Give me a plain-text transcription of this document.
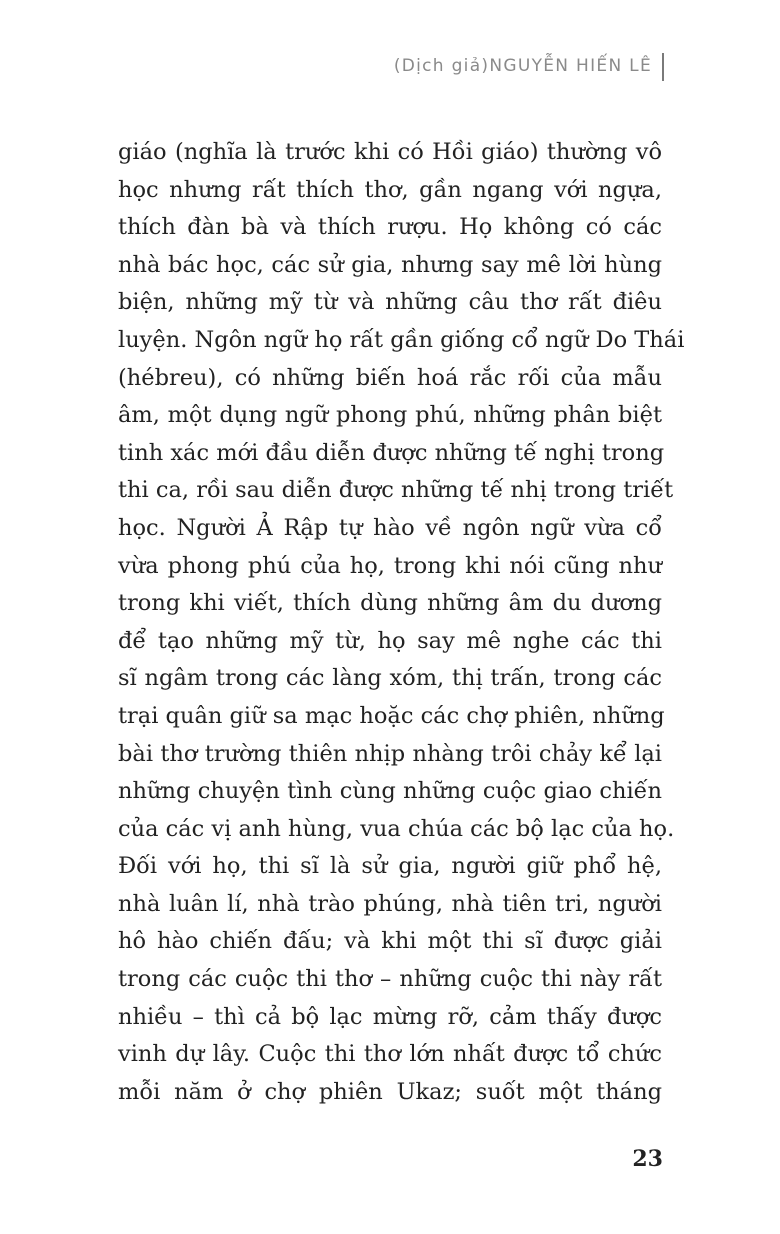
(Dịch giả)NGUYỄN HIẾN LÊ
giáo (nghĩa là trước khi có Hồi giáo) thường vô
học nhưng rất thích thơ, gần ngang với ngựa,
thích đàn bà và thích rượu. Họ không có các
nhà bác học, các sử gia, nhưng say mê lời hùng
biện, những mỹ từ và những câu thơ rất điêu
luyện. Ngôn ngữ họ rất gần giống cổ ngữ Do Thái
(hébreu), có những biến hoá rắc rối của mẫu
âm, một dụng ngữ phong phú, những phân biệt
tinh xác mới đầu diễn được những tế nghị trong
thi ca, rồi sau diễn được những tế nhị trong triết
học. Người Ả Rập tự hào về ngôn ngữ vừa cổ
vừa phong phú của họ, trong khi nói cũng như
trong khi viết, thích dùng những âm du dương
để tạo những mỹ từ, họ say mê nghe các thi
sĩ ngâm trong các làng xóm, thị trấn, trong các
trại quân giữ sa mạc hoặc các chợ phiên, những
bài thơ trường thiên nhịp nhàng trôi chảy kể lại
những chuyện tình cùng những cuộc giao chiến
của các vị anh hùng, vua chúa các bộ lạc của họ.
Đối với họ, thi sĩ là sử gia, người giữ phổ hệ,
nhà luân lí, nhà trào phúng, nhà tiên tri, người
hô hào chiến đấu; và khi một thi sĩ được giải
trong các cuộc thi thơ – những cuộc thi này rất
nhiều – thì cả bộ lạc mừng rỡ, cảm thấy được
vinh dự lây. Cuộc thi thơ lớn nhất được tổ chức
mỗi năm ở chợ phiên Ukaz; suốt một tháng
23
